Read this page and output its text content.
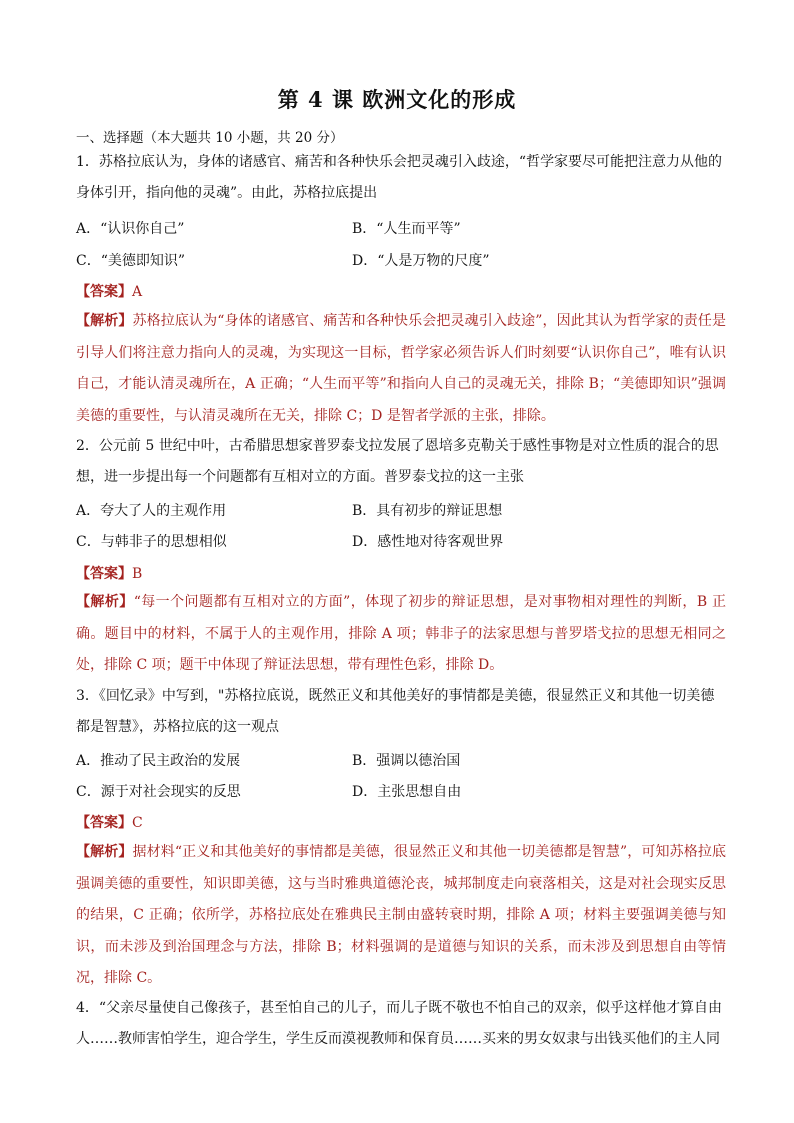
第 4 课 欧洲文化的形成
一、选择题（本大题共 10 小题，共 20 分）
1．苏格拉底认为，身体的诸感官、痛苦和各种快乐会把灵魂引入歧途，“哲学家要尽可能把注意力从他的身体引开，指向他的灵魂”。由此，苏格拉底提出
A．“认识你自己”	B．“人生而平等”
C．“美德即知识”	D．“人是万物的尺度”
【答案】A
【解析】苏格拉底认为“身体的诸感官、痛苦和各种快乐会把灵魂引入歧途”，因此其认为哲学家的责任是引导人们将注意力指向人的灵魂，为实现这一目标，哲学家必须告诉人们时刻要“认识你自己”，唯有认识自己，才能认清灵魂所在，A 正确；“人生而平等”和指向人自己的灵魂无关，排除 B；“美德即知识”强调美德的重要性，与认清灵魂所在无关，排除 C；D 是智者学派的主张，排除。
2．公元前 5 世纪中叶，古希腊思想家普罗泰戈拉发展了恩培多克勒关于感性事物是对立性质的混合的思想，进一步提出每一个问题都有互相对立的方面。普罗泰戈拉的这一主张
A．夸大了人的主观作用	B．具有初步的辩证思想
C．与韩非子的思想相似	D．感性地对待客观世界
【答案】B
【解析】“每一个问题都有互相对立的方面”，体现了初步的辩证思想，是对事物相对理性的判断，B 正确。题目中的材料，不属于人的主观作用，排除 A 项；韩非子的法家思想与普罗塔戈拉的思想无相同之处，排除 C 项；题干中体现了辩证法思想，带有理性色彩，排除 D。
3．《回忆录》中写到，"苏格拉底说，既然正义和其他美好的事情都是美德，很显然正义和其他一切美德都是智慧》，苏格拉底的这一观点
A．推动了民主政治的发展	B．强调以德治国
C．源于对社会现实的反思	D．主张思想自由
【答案】C
【解析】据材料“正义和其他美好的事情都是美德，很显然正义和其他一切美德都是智慧”，可知苏格拉底强调美德的重要性，知识即美德，这与当时雅典道德沦丧，城邦制度走向衰落相关，这是对社会现实反思的结果，C 正确；依所学，苏格拉底处在雅典民主制由盛转衰时期，排除 A 项；材料主要强调美德与知识，而未涉及到治国理念与方法，排除 B；材料强调的是道德与知识的关系，而未涉及到思想自由等情况，排除 C。
4．“父亲尽量使自己像孩子，甚至怕自己的儿子，而儿子既不敬也不怕自己的双亲，似乎这样他才算自由人……教师害怕学生，迎合学生，学生反而漠视教师和保育员……买来的男女奴隶与出钱买他们的主人同
